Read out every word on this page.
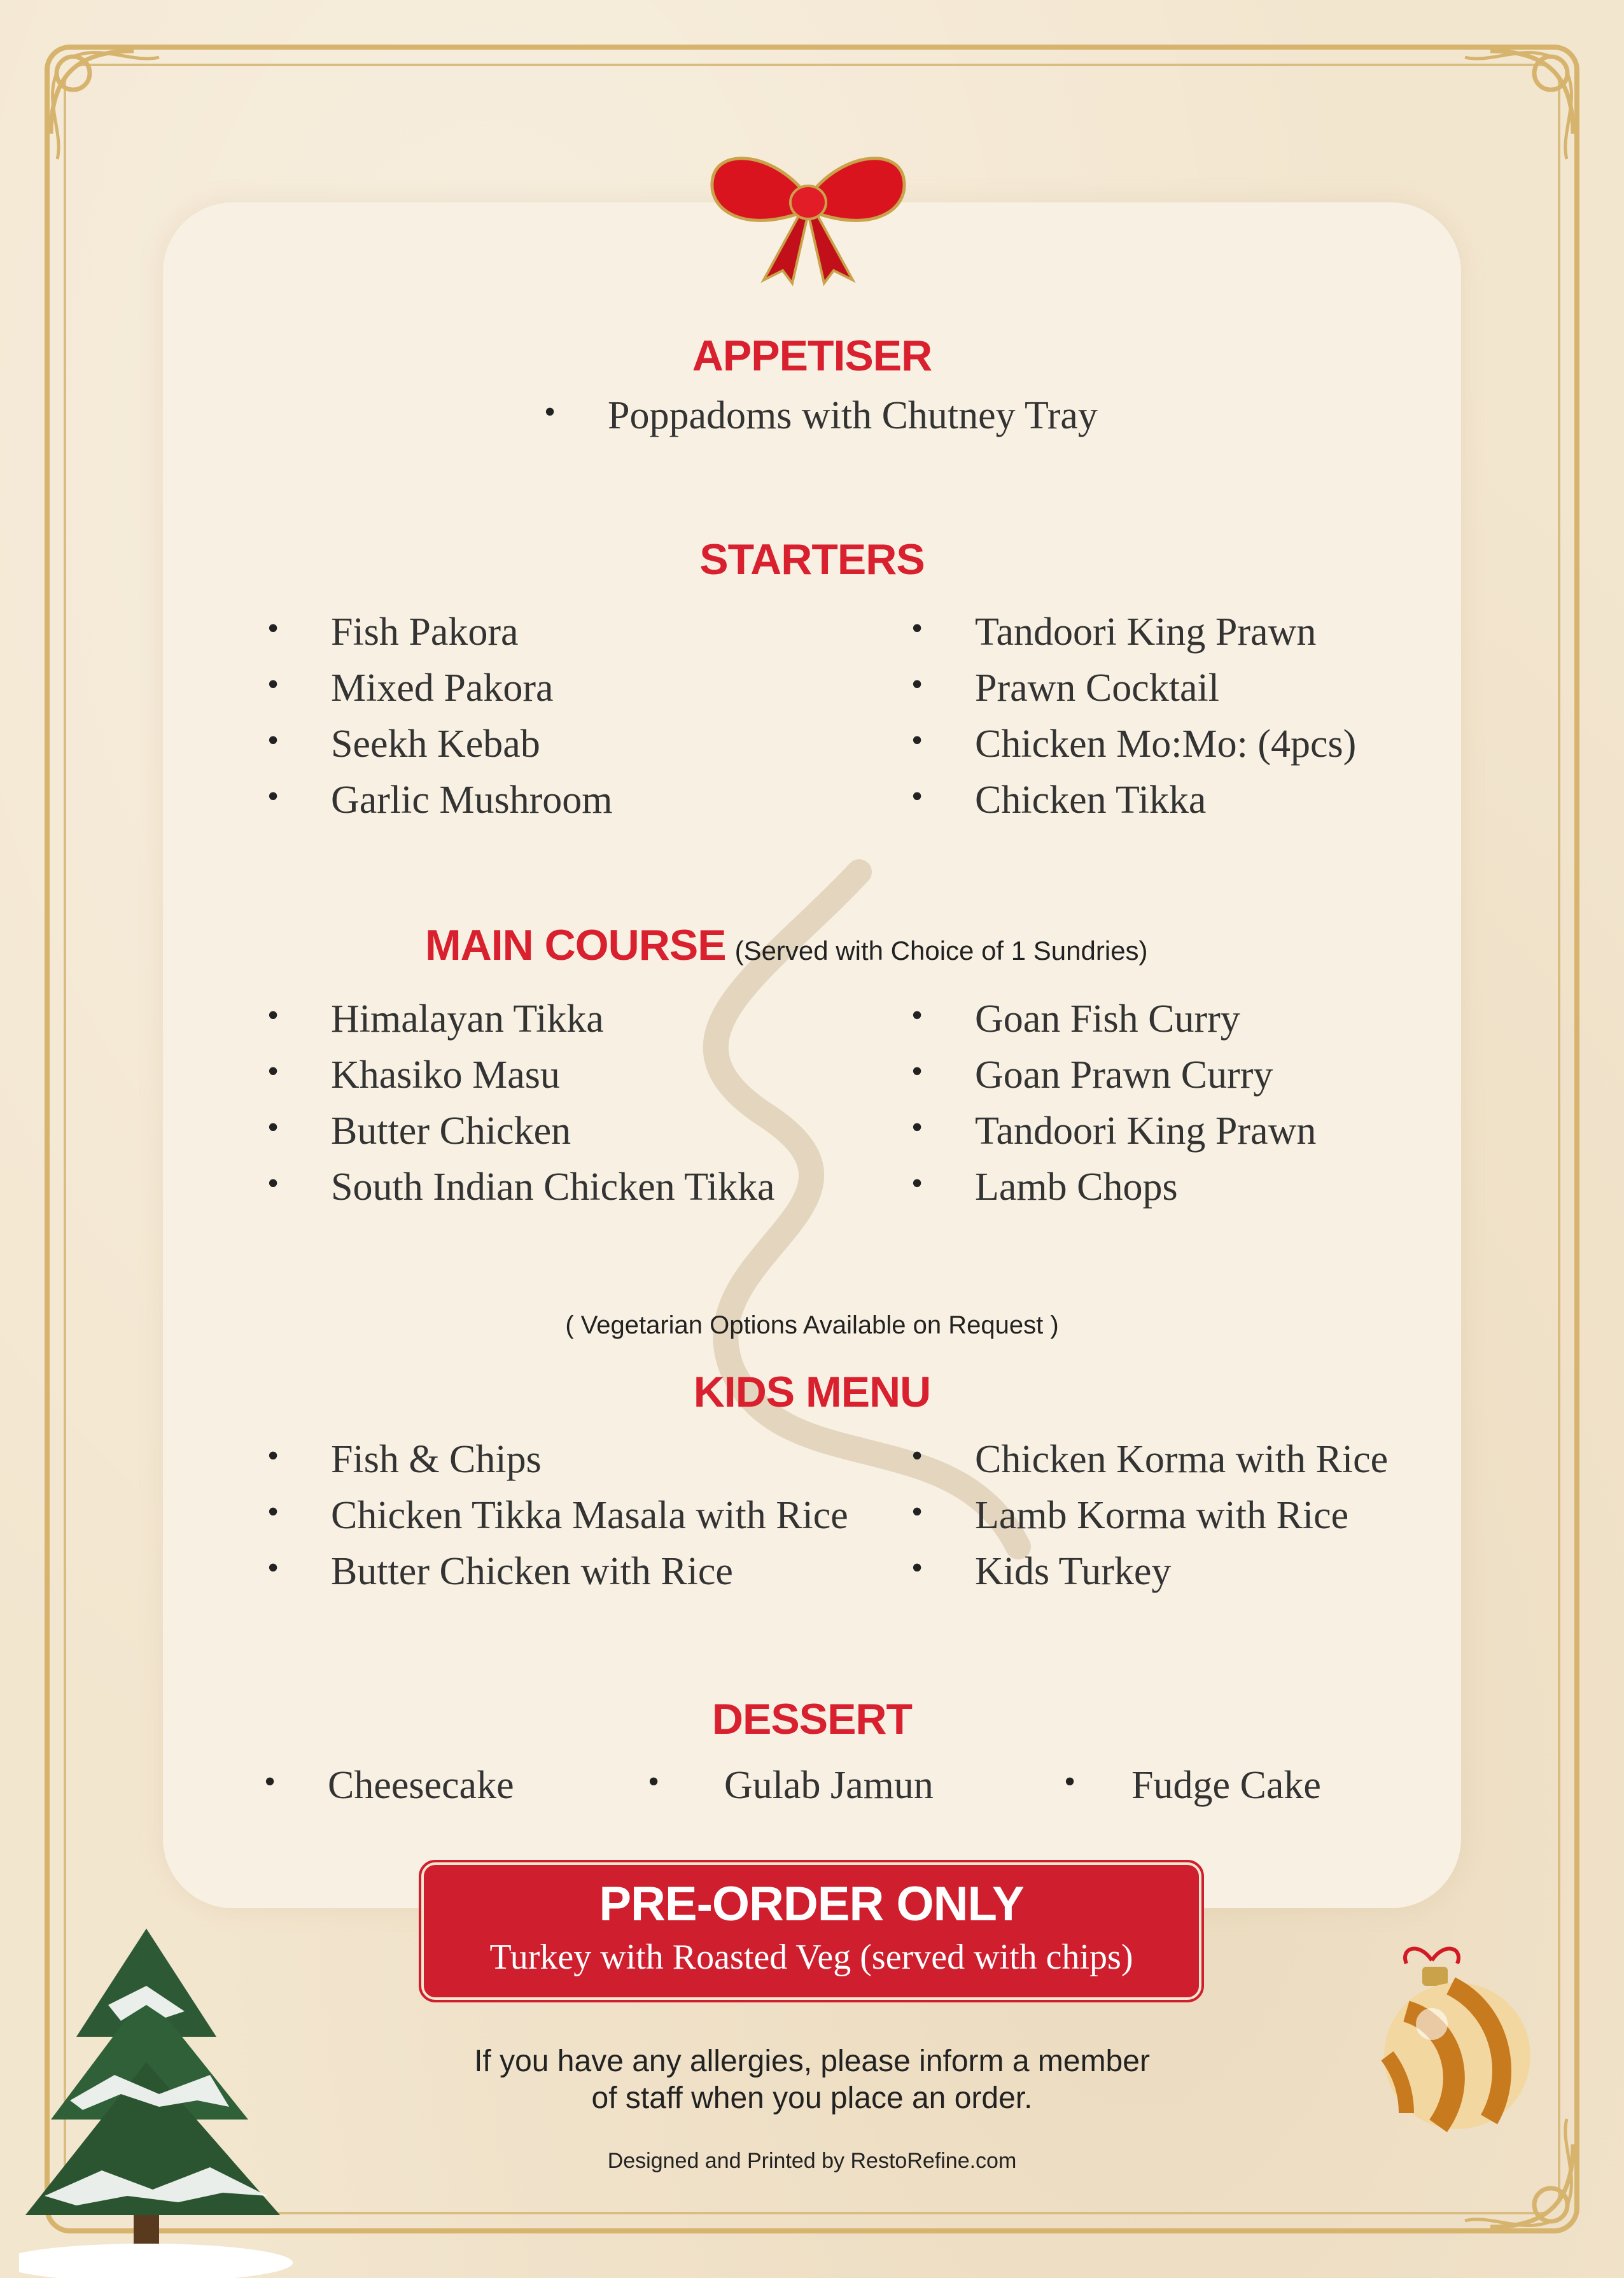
APPETISER
• Poppadoms with Chutney Tray
STARTERS
• Fish Pakora
• Mixed Pakora
• Seekh Kebab
• Garlic Mushroom
• Tandoori King Prawn
• Prawn Cocktail
• Chicken Mo:Mo: (4pcs)
• Chicken Tikka
MAIN COURSE (Served with Choice of 1 Sundries)
• Himalayan Tikka
• Khasiko Masu
• Butter Chicken
• South Indian Chicken Tikka
• Goan Fish Curry
• Goan Prawn Curry
• Tandoori King Prawn
• Lamb Chops
( Vegetarian Options Available on Request )
KIDS MENU
• Fish & Chips
• Chicken Tikka Masala with Rice
• Butter Chicken with Rice
• Chicken Korma with Rice
• Lamb Korma with Rice
• Kids Turkey
DESSERT
• Cheesecake	• Gulab Jamun	• Fudge Cake
PRE-ORDER ONLY
Turkey with Roasted Veg (served with chips)
If you have any allergies, please inform a member
of staff when you place an order.
Designed and Printed by RestoRefine.com
